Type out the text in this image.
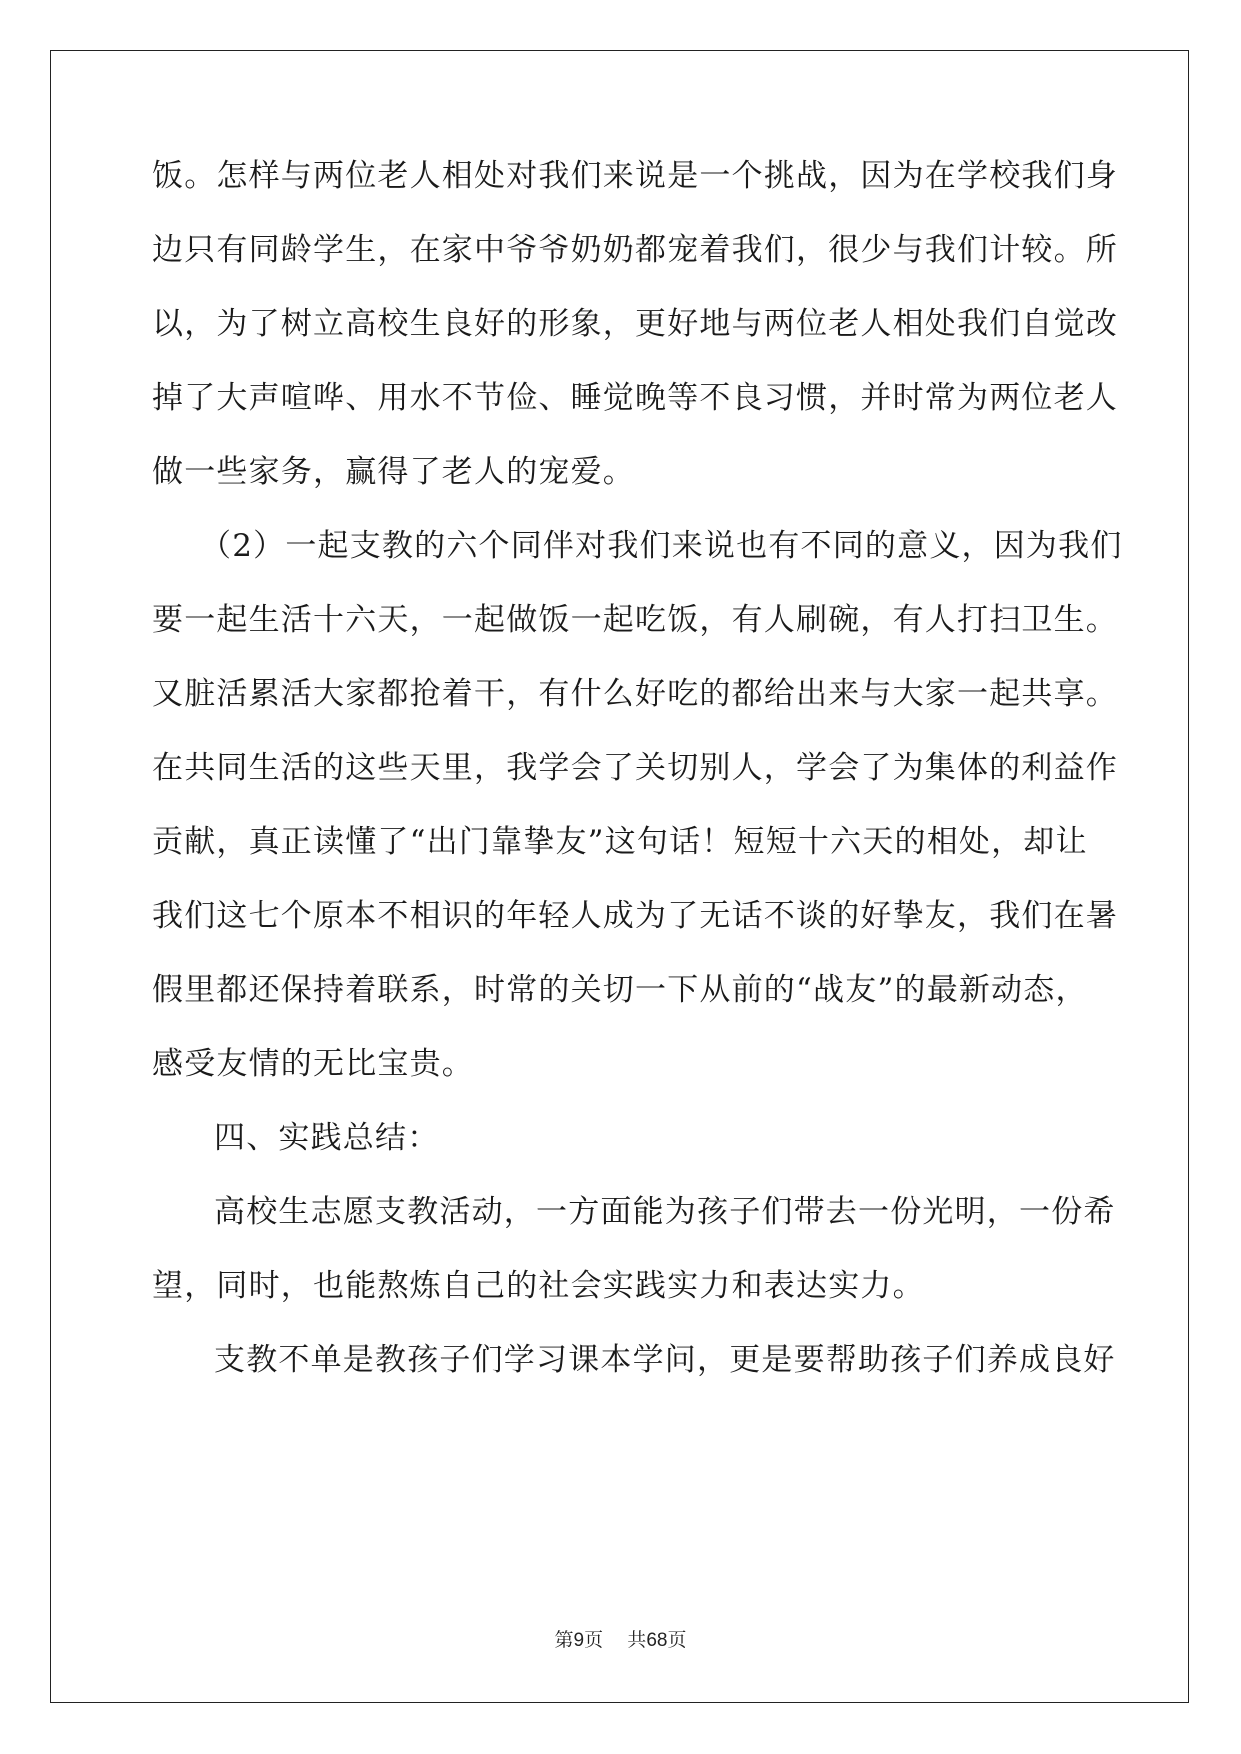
饭。怎样与两位老人相处对我们来说是一个挑战，因为在学校我们身
边只有同龄学生，在家中爷爷奶奶都宠着我们，很少与我们计较。所
以，为了树立高校生良好的形象，更好地与两位老人相处我们自觉改
掉了大声喧哗、用水不节俭、睡觉晚等不良习惯，并时常为两位老人
做一些家务，赢得了老人的宠爱。
（2）一起支教的六个同伴对我们来说也有不同的意义，因为我们
要一起生活十六天，一起做饭一起吃饭，有人刷碗，有人打扫卫生。
又脏活累活大家都抢着干，有什么好吃的都给出来与大家一起共享。
在共同生活的这些天里，我学会了关切别人，学会了为集体的利益作
贡献，真正读懂了“出门靠挚友”这句话！短短十六天的相处，却让
我们这七个原本不相识的年轻人成为了无话不谈的好挚友，我们在暑
假里都还保持着联系，时常的关切一下从前的“战友”的最新动态，
感受友情的无比宝贵。
四、实践总结：
高校生志愿支教活动，一方面能为孩子们带去一份光明，一份希
望，同时，也能熬炼自己的社会实践实力和表达实力。
支教不单是教孩子们学习课本学问，更是要帮助孩子们养成良好
第9页 共68页
